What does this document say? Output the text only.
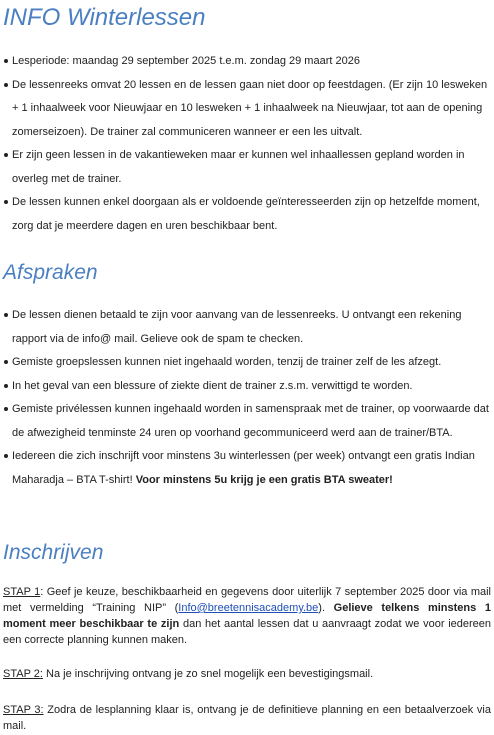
INFO Winterlessen
Lesperiode: maandag 29 september 2025 t.e.m. zondag 29 maart 2026
De lessenreeks omvat 20 lessen en de lessen gaan niet door op feestdagen. (Er zijn 10 lesweken + 1 inhaalweek voor Nieuwjaar en 10 lesweken + 1 inhaalweek na Nieuwjaar, tot aan de opening zomerseizoen). De trainer zal communiceren wanneer er een les uitvalt.
Er zijn geen lessen in de vakantieweken maar er kunnen wel inhaallessen gepland worden in overleg met de trainer.
De lessen kunnen enkel doorgaan als er voldoende geïnteresseerden zijn op hetzelfde moment, zorg dat je meerdere dagen en uren beschikbaar bent.
Afspraken
De lessen dienen betaald te zijn voor aanvang van de lessenreeks. U ontvangt een rekening rapport via de info@ mail. Gelieve ook de spam te checken.
Gemiste groepslessen kunnen niet ingehaald worden, tenzij de trainer zelf de les afzegt.
In het geval van een blessure of ziekte dient de trainer z.s.m. verwittigd te worden.
Gemiste privélessen kunnen ingehaald worden in samenspraak met de trainer, op voorwaarde dat de afwezigheid tenminste 24 uren op voorhand gecommuniceerd werd aan de trainer/BTA.
Iedereen die zich inschrijft voor minstens 3u winterlessen (per week) ontvangt een gratis Indian Maharadja – BTA T-shirt! Voor minstens 5u krijg je een gratis BTA sweater!
Inschrijven
STAP 1: Geef je keuze, beschikbaarheid en gegevens door uiterlijk 7 september 2025 door via mail met vermelding “Training NIP” (Info@breetennisacademy.be). Gelieve telkens minstens 1 moment meer beschikbaar te zijn dan het aantal lessen dat u aanvraagt zodat we voor iedereen een correcte planning kunnen maken.
STAP 2: Na je inschrijving ontvang je zo snel mogelijk een bevestigingsmail.
STAP 3: Zodra de lesplanning klaar is, ontvang je de definitieve planning en een betaalverzoek via mail.
